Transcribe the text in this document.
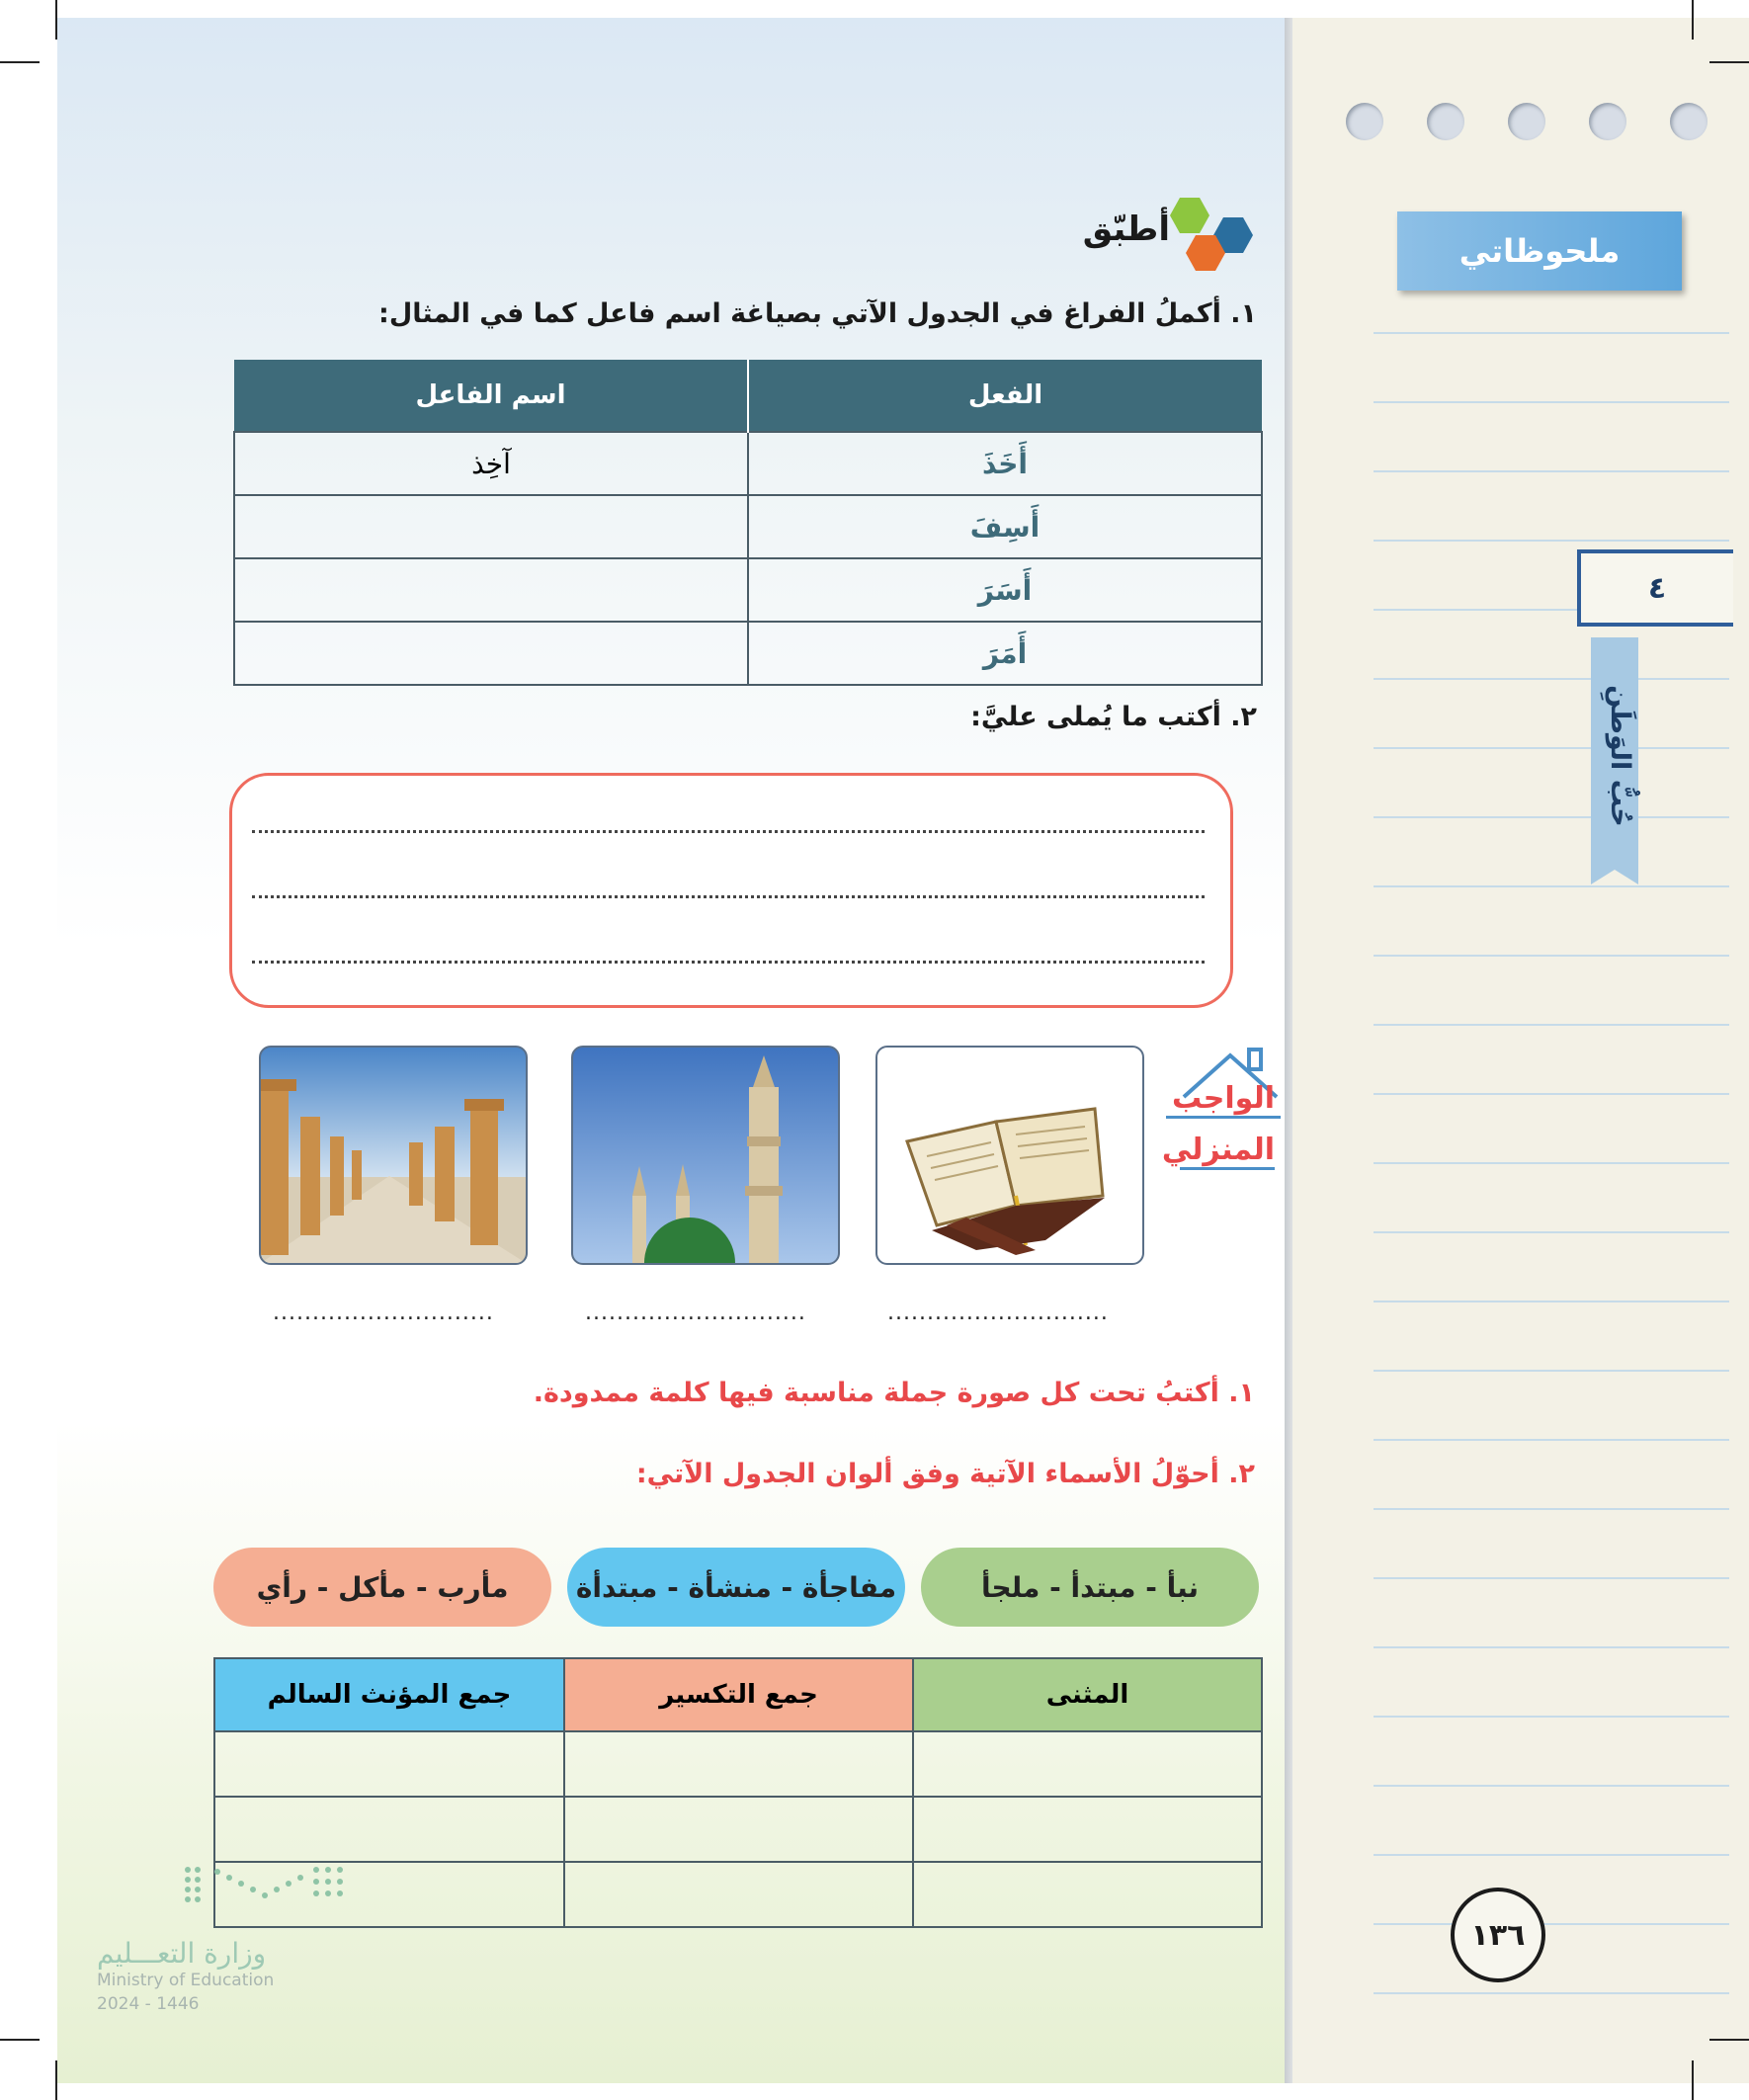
ملحوظاتي
٤
حُبُّ الوَطَنِ
أطبّق
١. أكملُ الفراغ في الجدول الآتي بصياغة اسم فاعل كما في المثال:
الفعل	اسم الفاعل
أَخَذَ	آخِذ
أَسِفَ	
أَسَرَ	
أَمَرَ	
٢. أكتب ما يُملى عليَّ:
الواجب
المنزلي
............................
............................
............................
١. أكتبُ تحت كل صورة جملة مناسبة فيها كلمة ممدودة.
٢. أحوّلُ الأسماء الآتية وفق ألوان الجدول الآتي:
نبأ - مبتدأ - ملجأ
مفاجأة - منشأة - مبتدأة
مأرب - مأكل - رأي
المثنى	جمع التكسير	جمع المؤنث السالم

١٣٦
وزارة التعـــليم
Ministry of Education
2024 - 1446
